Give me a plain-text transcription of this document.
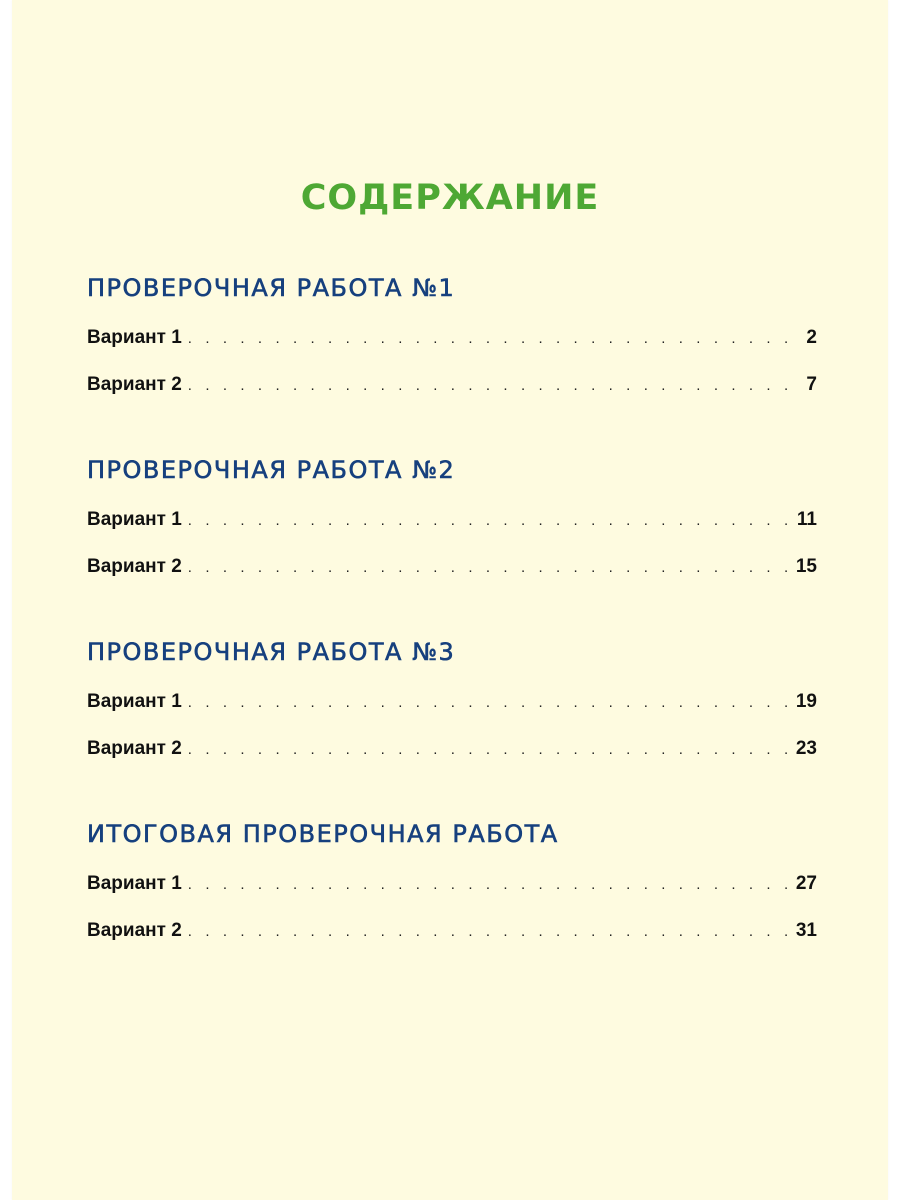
СОДЕРЖАНИЕ
ПРОВЕРОЧНАЯ РАБОТА №1
Вариант 1 . . .	2
Вариант 2 . . .	7
ПРОВЕРОЧНАЯ РАБОТА №2
Вариант 1 . . .	11
Вариант 2 . . .	15
ПРОВЕРОЧНАЯ РАБОТА №3
Вариант 1 . . .	19
Вариант 2 . . .	23
ИТОГОВАЯ ПРОВЕРОЧНАЯ РАБОТА
Вариант 1 . . .	27
Вариант 2 . . .	31
